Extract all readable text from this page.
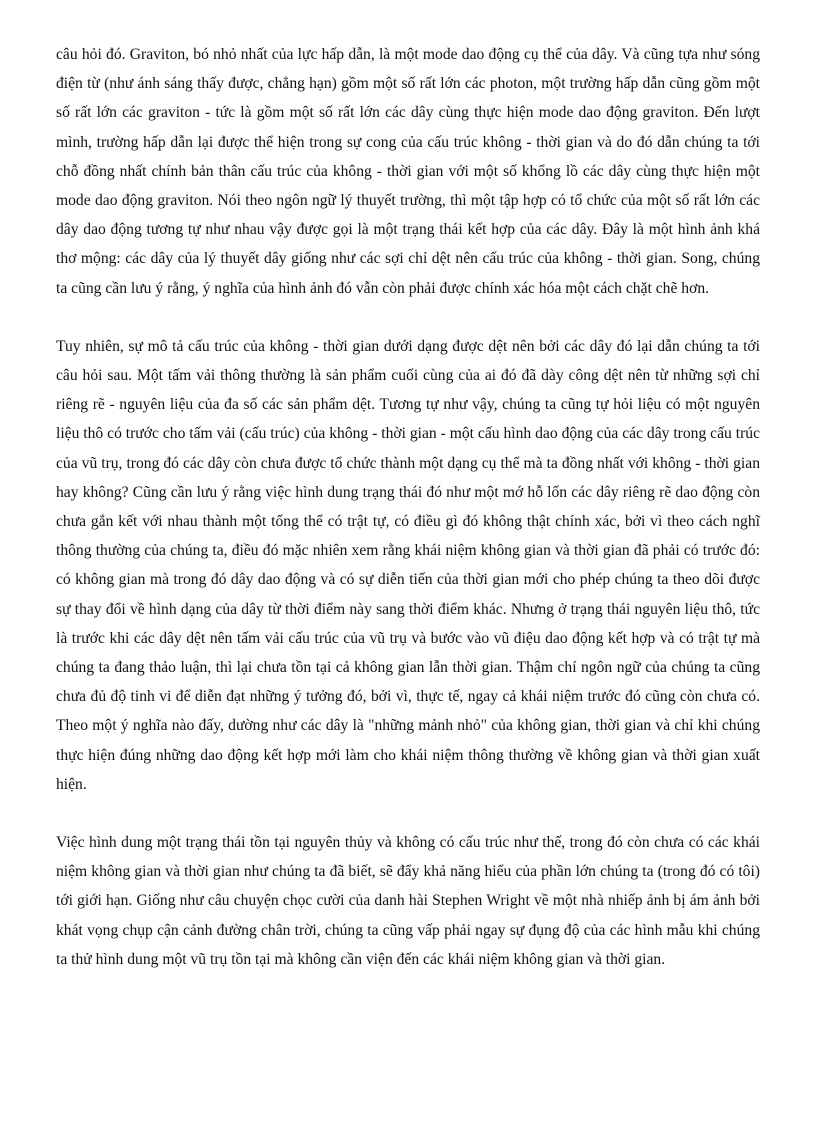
câu hỏi đó. Graviton, bó nhỏ nhất của lực hấp dẫn, là một mode dao động cụ thể của dây. Và cũng tựa như sóng điện từ (như ánh sáng thấy được, chẳng hạn) gồm một số rất lớn các photon, một trường hấp dẫn cũng gồm một số rất lớn các graviton - tức là gồm một số rất lớn các dây cùng thực hiện mode dao động graviton. Đến lượt mình, trường hấp dẫn lại được thể hiện trong sự cong của cấu trúc không - thời gian và do đó dẫn chúng ta tới chỗ đồng nhất chính bản thân cấu trúc của không - thời gian với một số khổng lồ các dây cùng thực hiện một mode dao động graviton. Nói theo ngôn ngữ lý thuyết trường, thì một tập hợp có tổ chức của một số rất lớn các dây dao động tương tự như nhau vậy được gọi là một trạng thái kết hợp của các dây. Đây là một hình ảnh khá thơ mộng: các dây của lý thuyết dây giống như các sợi chỉ dệt nên cấu trúc của không - thời gian. Song, chúng ta cũng cần lưu ý rằng, ý nghĩa của hình ảnh đó vẫn còn phải được chính xác hóa một cách chặt chẽ hơn.

Tuy nhiên, sự mô tả cấu trúc của không - thời gian dưới dạng được dệt nên bởi các dây đó lại dẫn chúng ta tới câu hỏi sau. Một tấm vải thông thường là sản phẩm cuối cùng của ai đó đã dày công dệt nên từ những sợi chỉ riêng rẽ - nguyên liệu của đa số các sản phẩm dệt. Tương tự như vậy, chúng ta cũng tự hỏi liệu có một nguyên liệu thô có trước cho tấm vải (cấu trúc) của không - thời gian - một cấu hình dao động của các dây trong cấu trúc của vũ trụ, trong đó các dây còn chưa được tổ chức thành một dạng cụ thể mà ta đồng nhất với không - thời gian hay không? Cũng cần lưu ý rằng việc hình dung trạng thái đó như một mớ hỗ lốn các dây riêng rẽ dao động còn chưa gắn kết với nhau thành một tổng thể có trật tự, có điều gì đó không thật chính xác, bởi vì theo cách nghĩ thông thường của chúng ta, điều đó mặc nhiên xem rằng khái niệm không gian và thời gian đã phải có trước đó: có không gian mà trong đó dây dao động và có sự diễn tiến của thời gian mới cho phép chúng ta theo dõi được sự thay đổi về hình dạng của dây từ thời điểm này sang thời điểm khác. Nhưng ở trạng thái nguyên liệu thô, tức là trước khi các dây dệt nên tấm vải cấu trúc của vũ trụ và bước vào vũ điệu dao động kết hợp và có trật tự mà chúng ta đang thảo luận, thì lại chưa tồn tại cả không gian lẫn thời gian. Thậm chí ngôn ngữ của chúng ta cũng chưa đủ độ tinh vi để diễn đạt những ý tưởng đó, bởi vì, thực tế, ngay cả khái niệm trước đó cũng còn chưa có. Theo một ý nghĩa nào đấy, dường như các dây là "những mảnh nhỏ" của không gian, thời gian và chỉ khi chúng thực hiện đúng những dao động kết hợp mới làm cho khái niệm thông thường về không gian và thời gian xuất hiện.

Việc hình dung một trạng thái tồn tại nguyên thủy và không có cấu trúc như thế, trong đó còn chưa có các khái niệm không gian và thời gian như chúng ta đã biết, sẽ đẩy khả năng hiểu của phần lớn chúng ta (trong đó có tôi) tới giới hạn. Giống như câu chuyện chọc cười của danh hài Stephen Wright về một nhà nhiếp ảnh bị ám ảnh bởi khát vọng chụp cận cảnh đường chân trời, chúng ta cũng vấp phải ngay sự đụng độ của các hình mẫu khi chúng ta thử hình dung một vũ trụ tồn tại mà không cần viện đến các khái niệm không gian và thời gian.
